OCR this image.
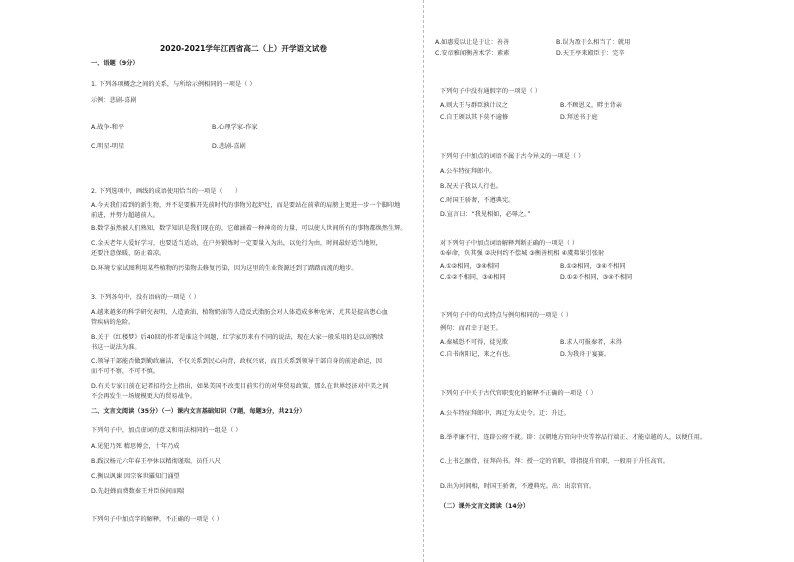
2020-2021学年江西省高二（上）开学语文试卷
一、语题（9分）
1. 下列各项概念之间的关系，与所给示例相同的一项是（ ）
示例：悲剧-喜剧
A.战争-和平	B.心理学家-作家
C.明星-明星	D.悲剧-喜剧
2. 下列选项中，画线的成语使用恰当的一项是（　　）
A.今天我们看到的新生物，并不是要推开先前时代的事物另起炉灶，而是要站在前辈的肩膀上更进一步一个脚印地
前进，并努力超越前人。
B.数学虽然被人们熟知，数学知识是我们现在的，它蕴涵着一种神奇的力量，可以使人世间所有的事物都焕然生辉。
C.金天老年人爱好学习，也要适当适动，在户外锻炼时一定要量入为出，以免行为由，时间最好适当地短，
还要注意保暖，防止着凉。
D.环境专家试图利用某些植物的污染物去修复污染，因为这里的生业资源还到了踏踏而流的地步。
3. 下列各句中，没有语病的一项是（ ）
A.越来越多的科学研究表明，人造黄油、植物奶油等人造反式脂肪会对人体造成多种危害，尤其是提高患心血
管疾病的危险。
B.关于《红楼梦》后40回的作者是谁这个问题，红学家历来有不同的说法，现在大家一般采用的是以高鹗续
书这一说法为准。
C.领导干部能否做到勤政廉洁，不仅关系到民心向背，政权兴衰，而且关系到领导干部自身的前途命运，因
而不可不察，不可不慎。
D.有关专家日前在记者招待会上指出，如果美国不改变目前实行的对华贸易政策，那么在世界经济对中美之间
不会再发生一场规模更大的贸易战争。
二、文言文阅读（35分）（一）课内文言基础知识（7题，每题3分，共21分）
下列句子中，加点虚词的意义和用法相同的一组是（ ）
A.见犯乃死 精思傅会，十年乃成
B.践汉杨元六年春王亭休以精彻谨瑞，员任八尺
C.衡以讽谏 因宗客世羅知门涌望
D.先赶蜂而费数秦王并臣侯间而喘
下列句子中加点字的解释，不正确的一项是（ ）
A.如惠爱以让是于让：善善	B.误为盈于么相当了：就用
C.安帝雅闻衡善术学：素素	D.天王亭来殿臣于：完辛
下列句子中没有通假字的一项是（ ）
A.则大王与群臣孰计议之	B.不顾恩义，畔主背亲
C.自王颁以其下莫不逾修	D.拜送书于庭
下列句子中加点的词语不属于古今异义的一项是（ ）
A.公车特征拜郎中。
B.况天子我以人行也。
C.时国王骄奢，不遵典宪。
D.宣言曰：“我见相如，必辱之。”
对下列句子中加点词语解释判断正确的一项是（ ）
①奉命，负其强 ②决何约不偿城 ③衡善机相 ④虞弗果引张射
A.①②相同，③④相同	B.①②相同，③④不相同
C.①②不相同，③④相同	D.①②不相同，③④不相同
下列句子中的句式特点与例句相同的一项是（ ）
例句：而君幸于赵王。
A.秦城恐不可得，徒见欺	B.求人可报秦者，未得
C.自书南阳记，来之有也。	D.为我舟于宴赛。
下列句子中关于古代官职变化的解释不正确的一项是（ ）
A.公车特征拜郎中，再迁为太史令。迁：升迁。
B.举孝廉不行，连辟公府不就。辟：汉朝地方官向中央等荐品行端正、才能卓越的人，以便任用。
C.上书乞骸骨，征拜尚书。拜：授一定的官职，常指提升官职，一般用于升任高官。
D.出为河间相，时国王骄奢，不遵典宪。出：出京官官。
（二）课外文言文阅读（14分）
